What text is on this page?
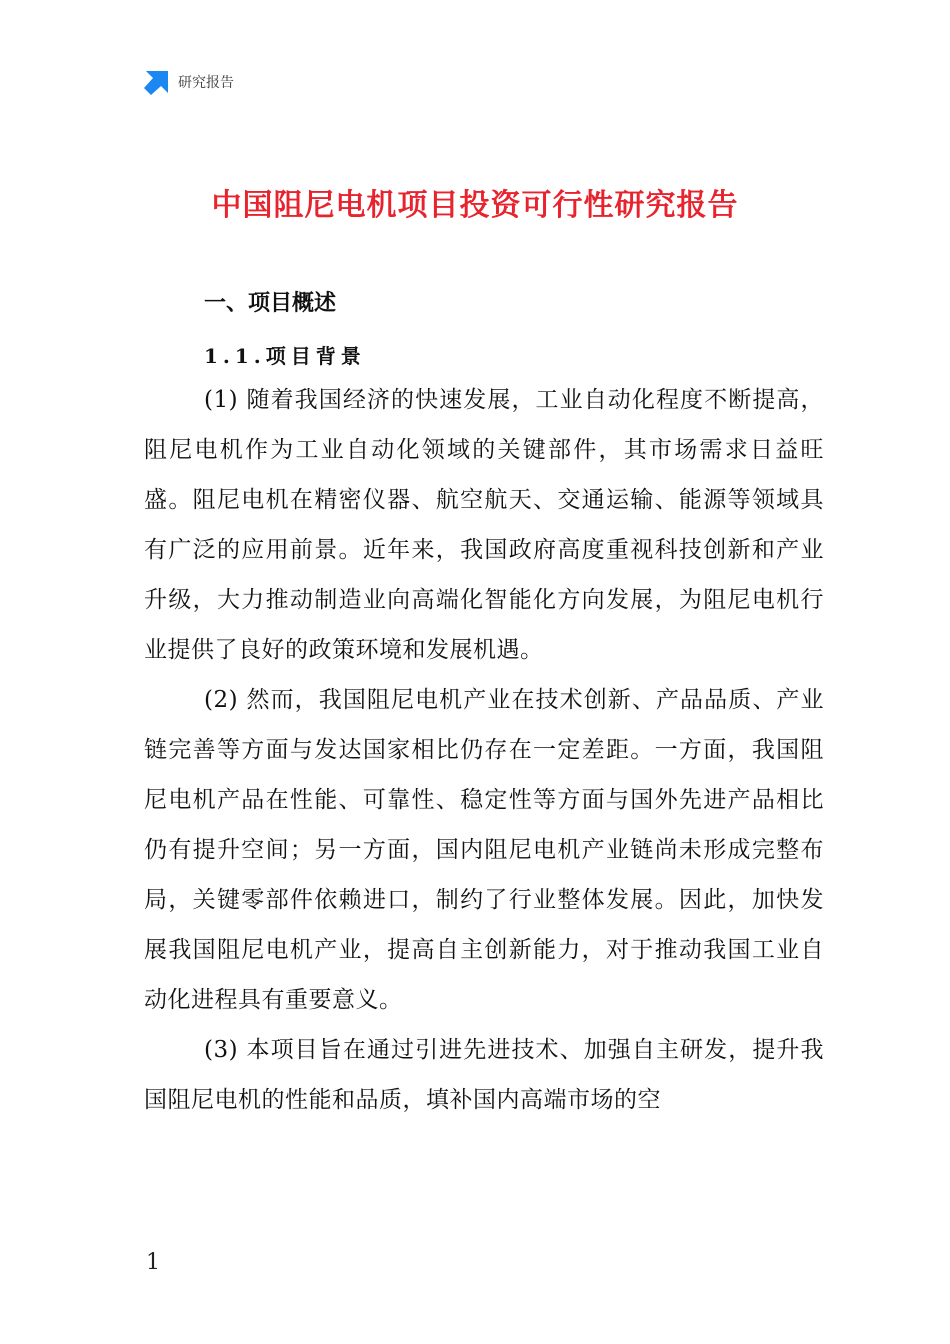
研究报告
中国阻尼电机项目投资可行性研究报告
一、项目概述
1.1.项目背景

(1) 随着我国经济的快速发展，工业自动化程度不断提高，阻尼电机作为工业自动化领域的关键部件，其市场需求日益旺盛。阻尼电机在精密仪器、航空航天、交通运输、能源等领域具有广泛的应用前景。近年来，我国政府高度重视科技创新和产业升级，大力推动制造业向高端化智能化方向发展，为阻尼电机行业提供了良好的政策环境和发展机遇。

(2) 然而，我国阻尼电机产业在技术创新、产品品质、产业链完善等方面与发达国家相比仍存在一定差距。一方面，我国阻尼电机产品在性能、可靠性、稳定性等方面与国外先进产品相比仍有提升空间；另一方面，国内阻尼电机产业链尚未形成完整布局，关键零部件依赖进口，制约了行业整体发展。因此，加快发展我国阻尼电机产业，提高自主创新能力，对于推动我国工业自动化进程具有重要意义。

(3) 本项目旨在通过引进先进技术、加强自主研发，提升我国阻尼电机的性能和品质，填补国内高端市场的空

1
